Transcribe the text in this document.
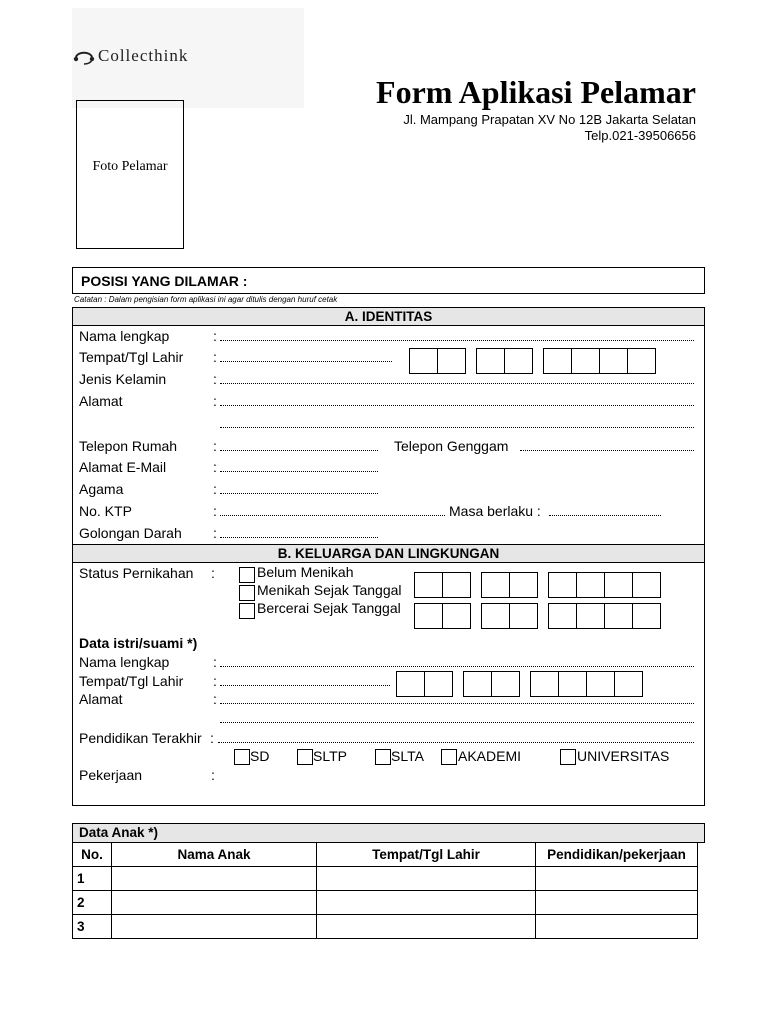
Collecthink
Form Aplikasi Pelamar
Jl. Mampang Prapatan XV No 12B Jakarta Selatan
Telp.021-39506656
Foto Pelamar
POSISI YANG DILAMAR :
Catatan : Dalam pengisian form aplikasi ini agar ditulis dengan huruf cetak
A. IDENTITAS
Nama lengkap	:
Tempat/Tgl Lahir :
Jenis Kelamin	:
Alamat	:
Telepon Rumah	:	Telepon Genggam
Alamat E-Mail	:
Agama	:
No. KTP	:	Masa berlaku :
Golongan Darah :
B. KELUARGA DAN LINGKUNGAN
Status Pernikahan :	Belum Menikah
Menikah Sejak Tanggal
Bercerai Sejak Tanggal
Data istri/suami *)
Nama lengkap	:
Tempat/Tgl Lahir :
Alamat	:
Pendidikan Terakhir :
SD	SLTP	SLTA AKADEMI	UNIVERSITAS
Pekerjaan	:
Data Anak *)
No.	Nama Anak	Tempat/Tgl Lahir	Pendidikan/pekerjaan
1			
2			
3			
